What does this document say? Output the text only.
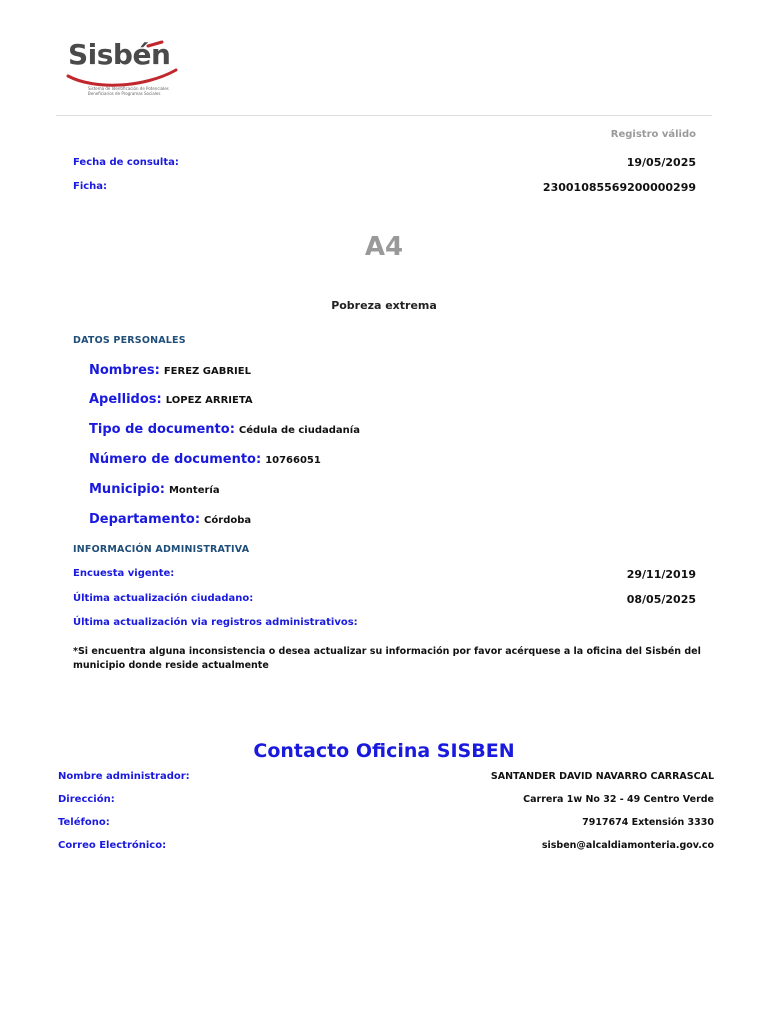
Sisbén
Sistema de Identificación de Potenciales Beneficiarios de Programas Sociales
Registro válido
Fecha de consulta:	19/05/2025
Ficha:	23001085569200000299
A4
Pobreza extrema
DATOS PERSONALES
Nombres: FEREZ GABRIEL
Apellidos: LOPEZ ARRIETA
Tipo de documento: Cédula de ciudadanía
Número de documento: 10766051
Municipio: Montería
Departamento: Córdoba
INFORMACIÓN ADMINISTRATIVA
Encuesta vigente:	29/11/2019
Última actualización ciudadano:	08/05/2025
Última actualización via registros administrativos:
*Si encuentra alguna inconsistencia o desea actualizar su información por favor acérquese a la oficina del Sisbén del municipio donde reside actualmente
Contacto Oficina SISBEN
Nombre administrador:	SANTANDER DAVID NAVARRO CARRASCAL
Dirección:	Carrera 1w No 32 - 49 Centro Verde
Teléfono:	7917674 Extensión 3330
Correo Electrónico:	sisben@alcaldiamonteria.gov.co
